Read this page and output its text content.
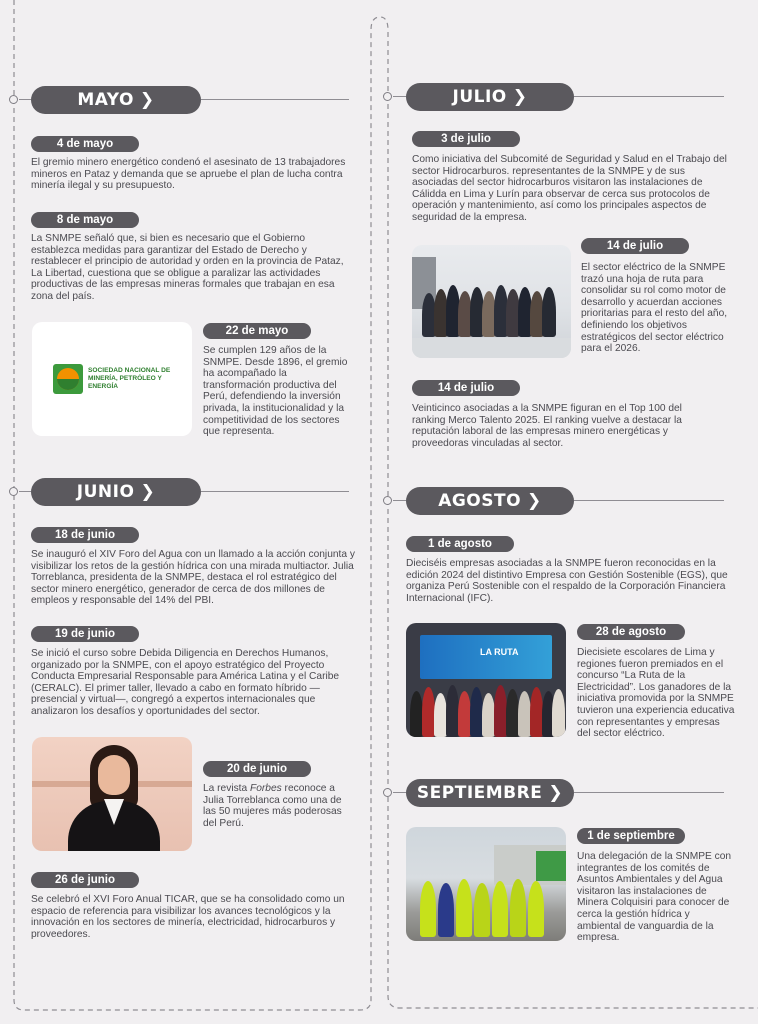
MAYO ❯
4 de mayo
El gremio minero energético condenó el asesinato de 13 trabajadores mineros en Pataz y demanda que se apruebe el plan de lucha contra minería ilegal y su presupuesto.
8 de mayo
La SNMPE señaló que, si bien es necesario que el Gobierno establezca medidas para garantizar del Estado de Derecho y restablecer el principio de autoridad y orden en la provincia de Pataz, La Libertad, cuestiona que se obligue a paralizar las actividades productivas de las empresas mineras formales que trabajan en esa zona del país.
SOCIEDAD NACIONAL DE MINERÍA, PETRÓLEO Y ENERGÍA
22 de mayo
Se cumplen 129 años de la SNMPE. Desde 1896, el gremio ha acompañado la transformación productiva del Perú, defendiendo la inversión privada, la institucionalidad y la competitividad de los sectores que representa.
JUNIO ❯
18 de junio
Se inauguró el XIV Foro del Agua con un llamado a la acción conjunta y visibilizar los retos de la gestión hídrica con una mirada multiactor. Julia Torreblanca, presidenta de la SNMPE, destaca el rol estratégico del sector minero energético, generador de cerca de dos millones de empleos y responsable del 14% del PBI.
19 de junio
Se inició el curso sobre Debida Diligencia en Derechos Humanos, organizado por la SNMPE, con el apoyo estratégico del Proyecto Conducta Empresarial Responsable para América Latina y el Caribe (CERALC). El primer taller, llevado a cabo en formato híbrido —presencial y virtual—, congregó a expertos internacionales que analizaron los desafíos y oportunidades del sector.
20 de junio
La revista Forbes reconoce a Julia Torreblanca como una de las 50 mujeres más poderosas del Perú.
26 de junio
Se celebró el XVI Foro Anual TICAR, que se ha consolidado como un espacio de referencia para visibilizar los avances tecnológicos y la innovación en los sectores de minería, electricidad, hidrocarburos y proveedores.
JULIO ❯
3 de julio
Como iniciativa del Subcomité de Seguridad y Salud en el Trabajo del sector Hidrocarburos. representantes de la SNMPE y de sus asociadas del sector hidrocarburos visitaron las instalaciones de Cálidda en Lima y Lurín para observar de cerca sus protocolos de operación y mantenimiento, así como los principales aspectos de seguridad de la empresa.
14 de julio
El sector eléctrico de la SNMPE trazó una hoja de ruta para consolidar su rol como motor de desarrollo y acuerdan acciones prioritarias para el resto del año, definiendo los objetivos estratégicos del sector eléctrico para el 2026.
14 de julio
Veinticinco asociadas a la SNMPE figuran en el Top 100 del ranking Merco Talento 2025. El ranking vuelve a destacar la reputación laboral de las empresas minero energéticas y proveedoras vinculadas al sector.
AGOSTO ❯
1 de agosto
Dieciséis empresas asociadas a la SNMPE fueron reconocidas en la edición 2024 del distintivo Empresa con Gestión Sostenible (EGS), que organiza Perú Sostenible con el respaldo de la Corporación Financiera Internacional (IFC).
LA RUTA
28 de agosto
Diecisiete escolares de Lima y regiones fueron premiados en el concurso “La Ruta de la Electricidad”. Los ganadores de la iniciativa promovida por la SNMPE tuvieron una experiencia educativa con representantes y empresas del sector eléctrico.
SEPTIEMBRE ❯
1 de septiembre
Una delegación de la SNMPE con integrantes de los comités de Asuntos Ambientales y del Agua visitaron las instalaciones de Minera Colquisiri para conocer de cerca la gestión hídrica y ambiental de vanguardia de la empresa.
